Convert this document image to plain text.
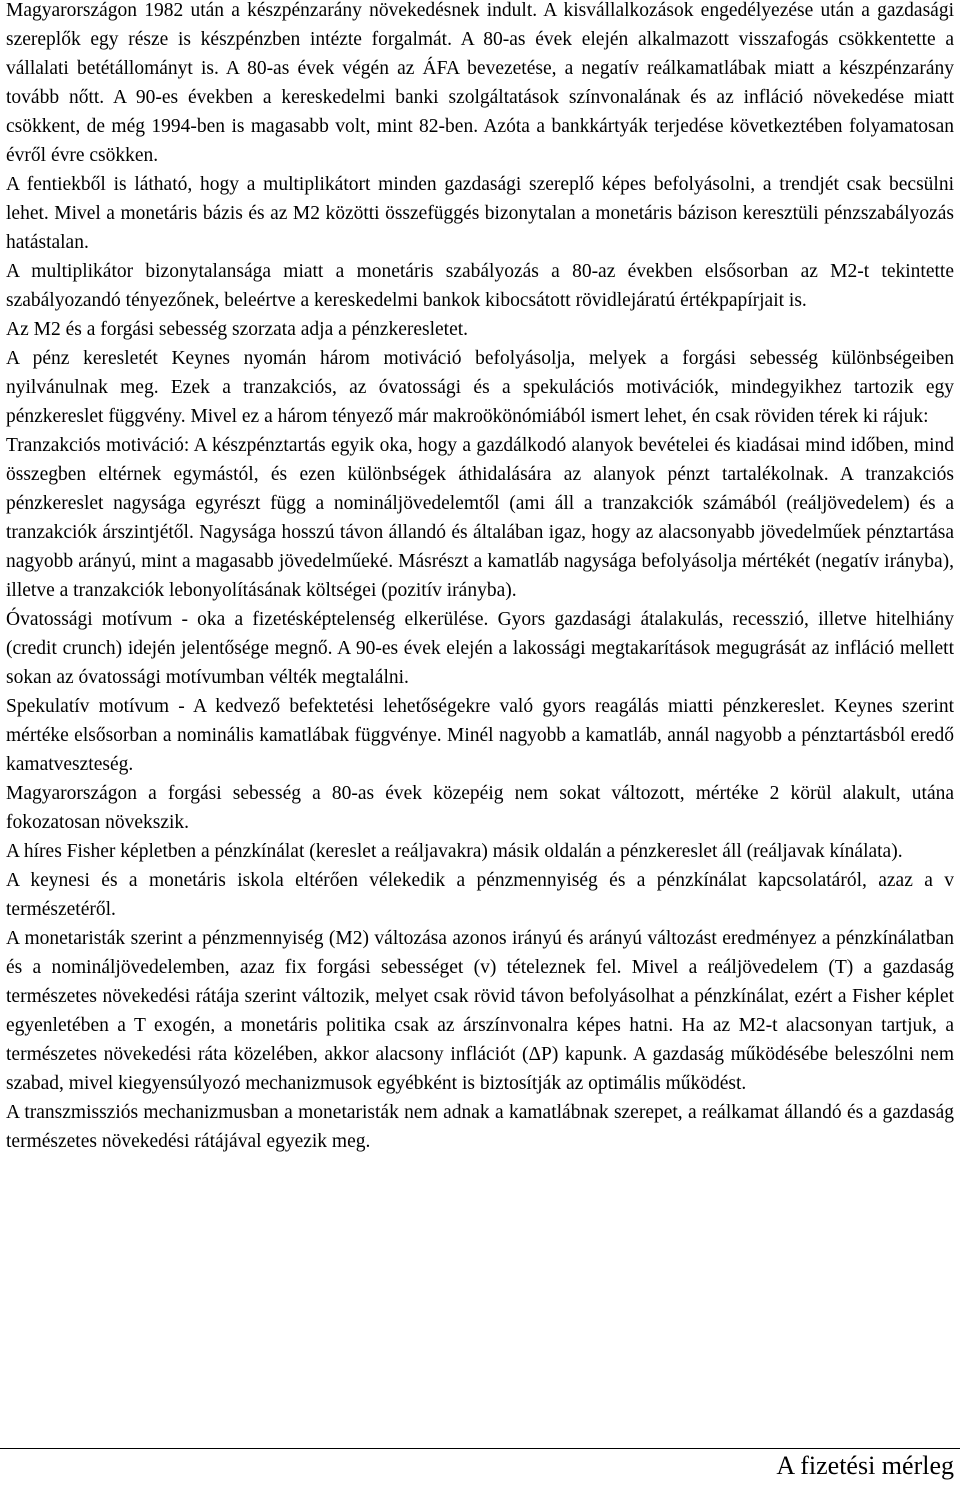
Magyarországon 1982 után a készpénzarány növekedésnek indult. A kisvállalkozások engedélyezése után a gazdasági szereplők egy része is készpénzben intézte forgalmát. A 80-as évek elején alkalmazott visszafogás csökkentette a vállalati betétállományt is. A 80-as évek végén az ÁFA bevezetése, a negatív reálkamatlábak miatt a készpénzarány tovább nőtt. A 90-es években a kereskedelmi banki szolgáltatások színvonalának és az infláció növekedése miatt csökkent, de még 1994-ben is magasabb volt, mint 82-ben. Azóta a bankkártyák terjedése következtében folyamatosan évről évre csökken.

A fentiekből is látható, hogy a multiplikátort minden gazdasági szereplő képes befolyásolni, a trendjét csak becsülni lehet. Mivel a monetáris bázis és az M2 közötti összefüggés bizonytalan a monetáris bázison keresztüli pénzszabályozás hatástalan.

A multiplikátor bizonytalansága miatt a monetáris szabályozás a 80-az években elsősorban az M2-t tekintette szabályozandó tényezőnek, beleértve a kereskedelmi bankok kibocsátott rövidlejáratú értékpapírjait is.

Az M2 és a forgási sebesség szorzata adja a pénzkeresletet.

A pénz keresletét Keynes nyomán három motiváció befolyásolja, melyek a forgási sebesség különbségeiben nyilvánulnak meg. Ezek a tranzakciós, az óvatossági és a spekulációs motivációk, mindegyikhez tartozik egy pénzkereslet függvény. Mivel ez a három tényező már makroökönómiából ismert lehet, én csak röviden térek ki rájuk:

Tranzakciós motiváció: A készpénztartás egyik oka, hogy a gazdálkodó alanyok bevételei és kiadásai mind időben, mind összegben eltérnek egymástól, és ezen különbségek áthidalására az alanyok pénzt tartalékolnak. A tranzakciós pénzkereslet nagysága egyrészt függ a nomináljövedelemtől (ami áll a tranzakciók számából (reáljövedelem) és a tranzakciók árszintjétől. Nagysága hosszú távon állandó és általában igaz, hogy az alacsonyabb jövedelműek pénztartása nagyobb arányú, mint a magasabb jövedelműeké. Másrészt a kamatláb nagysága befolyásolja mértékét (negatív irányba), illetve a tranzakciók lebonyolításának költségei (pozitív irányba).

Óvatossági motívum - oka a fizetésképtelenség elkerülése. Gyors gazdasági átalakulás, recesszió, illetve hitelhiány (credit crunch) idején jelentősége megnő. A 90-es évek elején a lakossági megtakarítások megugrását az infláció mellett sokan az óvatossági motívumban vélték megtalálni.

Spekulatív motívum - A kedvező befektetési lehetőségekre való gyors reagálás miatti pénzkereslet. Keynes szerint mértéke elsősorban a nominális kamatlábak függvénye. Minél nagyobb a kamatláb, annál nagyobb a pénztartásból eredő kamatveszteség.

Magyarországon a forgási sebesség a 80-as évek közepéig nem sokat változott, mértéke 2 körül alakult, utána fokozatosan növekszik.

A híres Fisher képletben a pénzkínálat (kereslet a reáljavakra) másik oldalán a pénzkereslet áll (reáljavak kínálata).

A keynesi és a monetáris iskola eltérően vélekedik a pénzmennyiség és a pénzkínálat kapcsolatáról, azaz a v természetéről.

A monetaristák szerint a pénzmennyiség (M2) változása azonos irányú és arányú változást eredményez a pénzkínálatban és a nomináljövedelemben, azaz fix forgási sebességet (v) tételeznek fel. Mivel a reáljövedelem (T) a gazdaság természetes növekedési rátája szerint változik, melyet csak rövid távon befolyásolhat a pénzkínálat, ezért a Fisher képlet egyenletében a T exogén, a monetáris politika csak az árszínvonalra képes hatni. Ha az M2-t alacsonyan tartjuk, a természetes növekedési ráta közelében, akkor alacsony inflációt (ΔP) kapunk. A gazdaság működésébe beleszólni nem szabad, mivel kiegyensúlyozó mechanizmusok egyébként is biztosítják az optimális működést.

A transzmissziós mechanizmusban a monetaristák nem adnak a kamatlábnak szerepet, a reálkamat állandó és a gazdaság természetes növekedési rátájával egyezik meg.

A fizetési mérleg
